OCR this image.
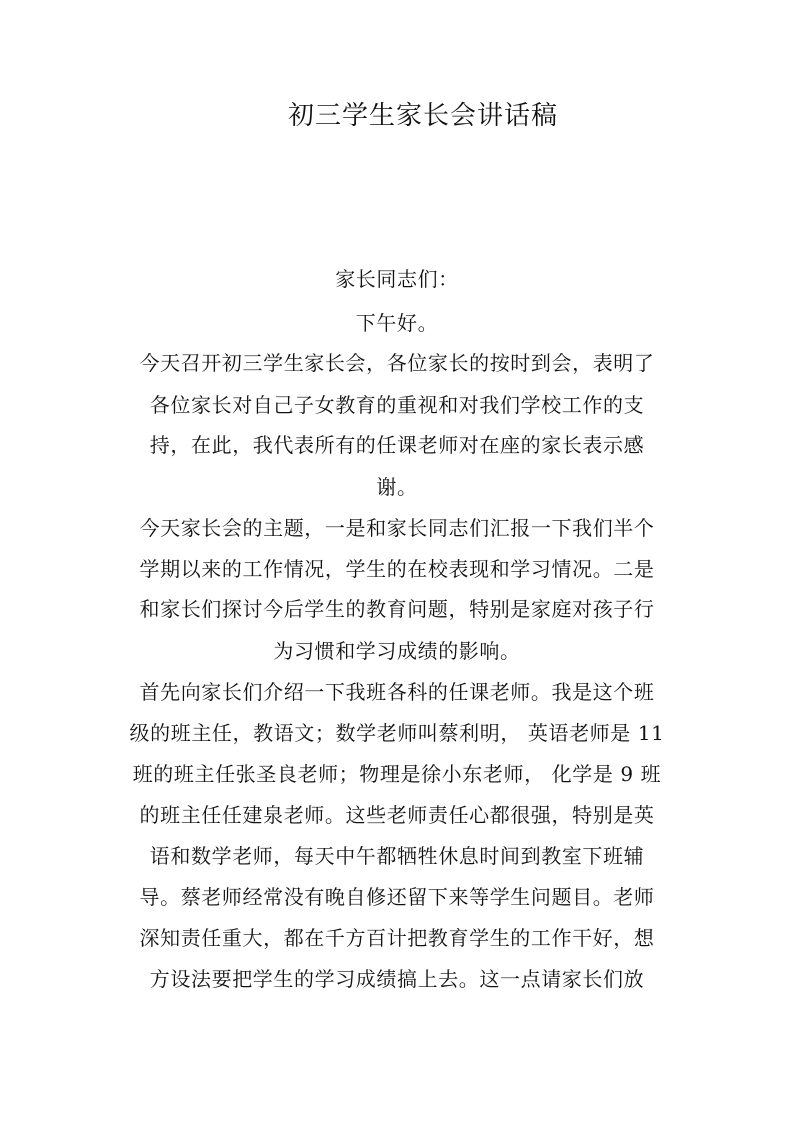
初三学生家长会讲话稿
家长同志们：
下午好。
今天召开初三学生家长会，各位家长的按时到会，表明了
各位家长对自己子女教育的重视和对我们学校工作的支
持，在此，我代表所有的任课老师对在座的家长表示感
谢。
今天家长会的主题，一是和家长同志们汇报一下我们半个
学期以来的工作情况，学生的在校表现和学习情况。二是
和家长们探讨今后学生的教育问题，特别是家庭对孩子行
为习惯和学习成绩的影响。
首先向家长们介绍一下我班各科的任课老师。我是这个班
级的班主任，教语文；数学老师叫蔡利明， 英语老师是 11
班的班主任张圣良老师；物理是徐小东老师， 化学是 9 班
的班主任任建泉老师。这些老师责任心都很强，特别是英
语和数学老师，每天中午都牺牲休息时间到教室下班辅
导。蔡老师经常没有晚自修还留下来等学生问题目。老师
深知责任重大，都在千方百计把教育学生的工作干好，想
方设法要把学生的学习成绩搞上去。这一点请家长们放
